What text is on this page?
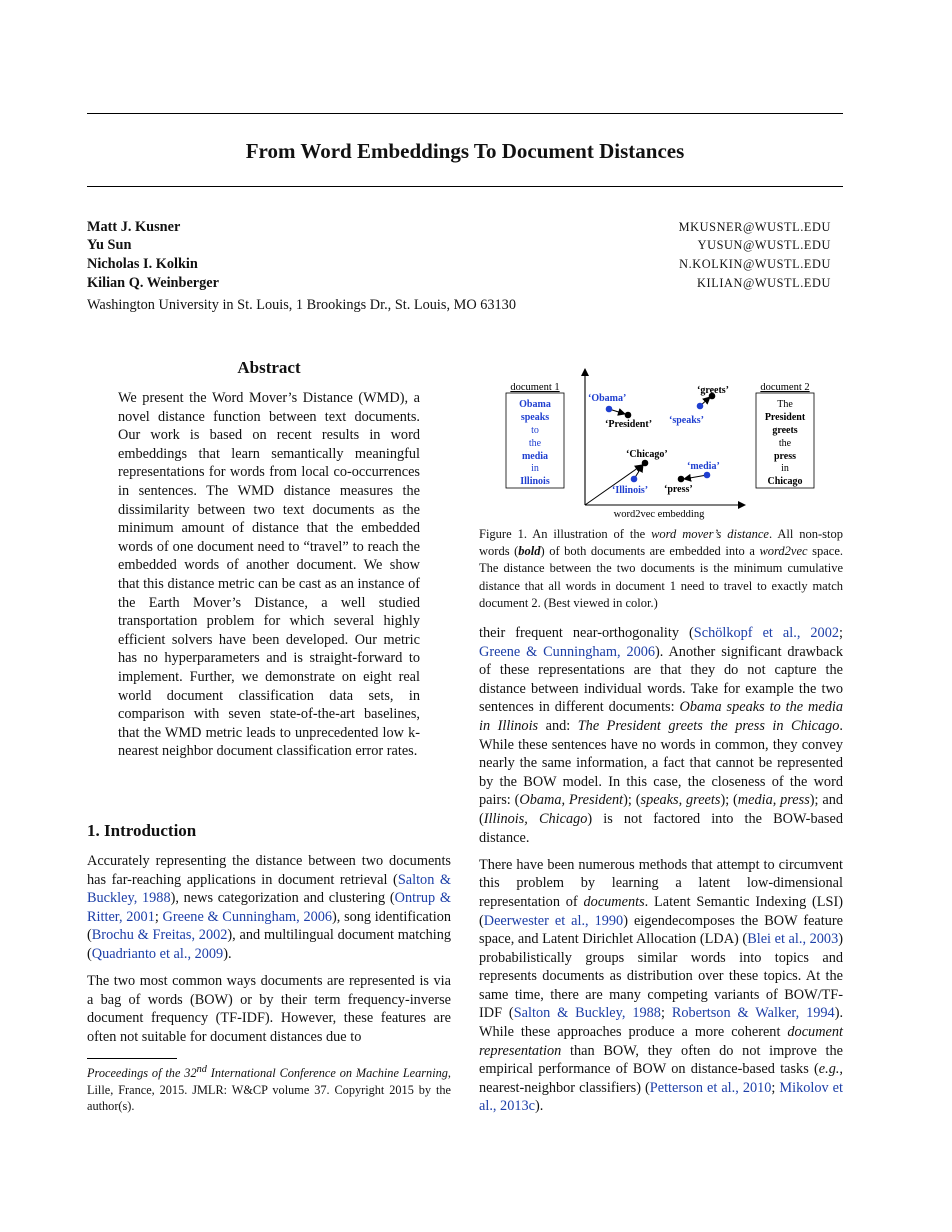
From Word Embeddings To Document Distances
Matt J. Kusner	MKUSNER@WUSTL.EDU
Yu Sun	YUSUN@WUSTL.EDU
Nicholas I. Kolkin	N.KOLKIN@WUSTL.EDU
Kilian Q. Weinberger	KILIAN@WUSTL.EDU
Washington University in St. Louis, 1 Brookings Dr., St. Louis, MO 63130
Abstract
We present the Word Mover’s Distance (WMD), a novel distance function between text documents. Our work is based on recent results in word embeddings that learn semantically meaningful representations for words from local co-occurrences in sentences. The WMD distance measures the dissimilarity between two text documents as the minimum amount of distance that the embedded words of one document need to “travel” to reach the embedded words of another document. We show that this distance metric can be cast as an instance of the Earth Mover’s Distance, a well studied transportation problem for which several highly efficient solvers have been developed. Our metric has no hyperparameters and is straight-forward to implement. Further, we demonstrate on eight real world document classification data sets, in comparison with seven state-of-the-art baselines, that the WMD metric leads to unprecedented low k-nearest neighbor document classification error rates.
1. Introduction

Accurately representing the distance between two documents has far-reaching applications in document retrieval (Salton & Buckley, 1988), news categorization and clustering (Ontrup & Ritter, 2001; Greene & Cunningham, 2006), song identification (Brochu & Freitas, 2002), and multilingual document matching (Quadrianto et al., 2009).

The two most common ways documents are represented is via a bag of words (BOW) or by their term frequency-inverse document frequency (TF-IDF). However, these features are often not suitable for document distances due to

Proceedings of the 32nd International Conference on Machine Learning, Lille, France, 2015. JMLR: W&CP volume 37. Copyright 2015 by the author(s).
document 1
Obama
speaks
to
the
media
in
Illinois
document 2
The
President
greets
the
press
in
Chicago
word2vec embedding
‘Obama’
‘President’ ‘speaks’
‘greets’
‘Chicago’
‘Illinois’
‘media’
‘press’
Figure 1. An illustration of the word mover’s distance. All non-stop words (bold) of both documents are embedded into a word2vec space. The distance between the two documents is the minimum cumulative distance that all words in document 1 need to travel to exactly match document 2. (Best viewed in color.)

their frequent near-orthogonality (Schölkopf et al., 2002; Greene & Cunningham, 2006). Another significant drawback of these representations are that they do not capture the distance between individual words. Take for example the two sentences in different documents: Obama speaks to the media in Illinois and: The President greets the press in Chicago. While these sentences have no words in common, they convey nearly the same information, a fact that cannot be represented by the BOW model. In this case, the closeness of the word pairs: (Obama, President); (speaks, greets); (media, press); and (Illinois, Chicago) is not factored into the BOW-based distance.

There have been numerous methods that attempt to circumvent this problem by learning a latent low-dimensional representation of documents. Latent Semantic Indexing (LSI) (Deerwester et al., 1990) eigendecomposes the BOW feature space, and Latent Dirichlet Allocation (LDA) (Blei et al., 2003) probabilistically groups similar words into topics and represents documents as distribution over these topics. At the same time, there are many competing variants of BOW/TF-IDF (Salton & Buckley, 1988; Robertson & Walker, 1994). While these approaches produce a more coherent document representation than BOW, they often do not improve the empirical performance of BOW on distance-based tasks (e.g., nearest-neighbor classifiers) (Petterson et al., 2010; Mikolov et al., 2013c).
